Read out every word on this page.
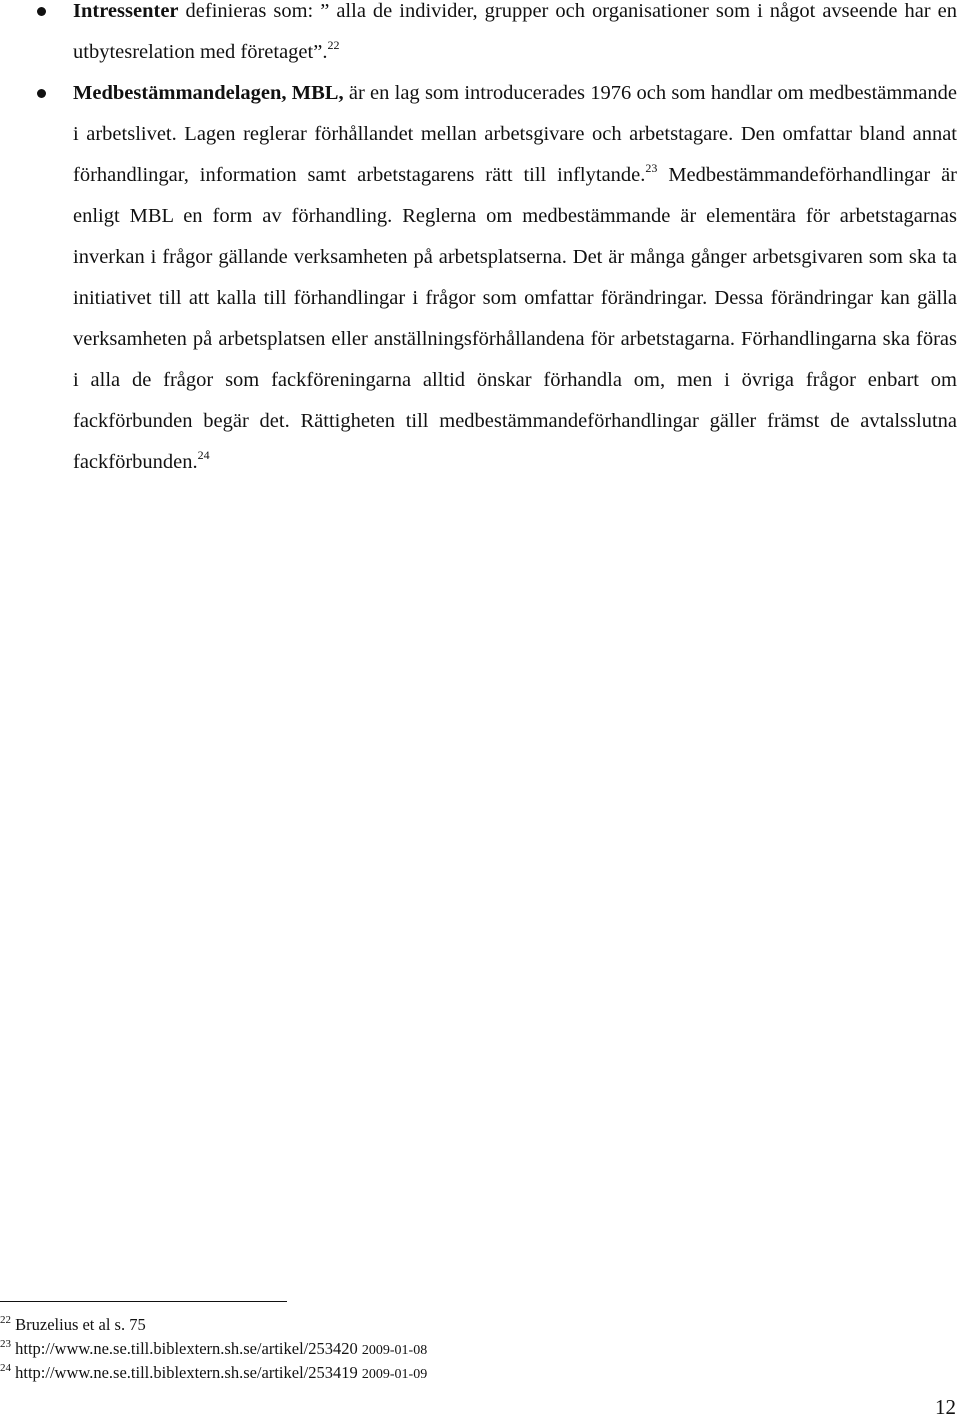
Intressenter definieras som: ” alla de individer, grupper och organisationer som i något avseende har en utbytesrelation med företaget”.$^{22}$
Medbestämmandelagen, MBL, är en lag som introducerades 1976 och som handlar om medbestämmande i arbetslivet. Lagen reglerar förhållandet mellan arbetsgivare och arbetstagare. Den omfattar bland annat förhandlingar, information samt arbetstagarens rätt till inflytande.$^{23}$ Medbestämmandeförhandlingar är enligt MBL en form av förhandling. Reglerna om medbestämmande är elementära för arbetstagarnas inverkan i frågor gällande verksamheten på arbetsplatserna. Det är många gånger arbetsgivaren som ska ta initiativet till att kalla till förhandlingar i frågor som omfattar förändringar. Dessa förändringar kan gälla verksamheten på arbetsplatsen eller anställningsförhållandena för arbetstagarna. Förhandlingarna ska föras i alla de frågor som fackföreningarna alltid önskar förhandla om, men i övriga frågor enbart om fackförbunden begär det. Rättigheten till medbestämmandeförhandlingar gäller främst de avtalsslutna fackförbunden.$^{24}$
$^{22}$ Bruzelius et al s. 75
$^{23}$ http://www.ne.se.till.biblextern.sh.se/artikel/253420 2009-01-08
$^{24}$ http://www.ne.se.till.biblextern.sh.se/artikel/253419 2009-01-09
12
